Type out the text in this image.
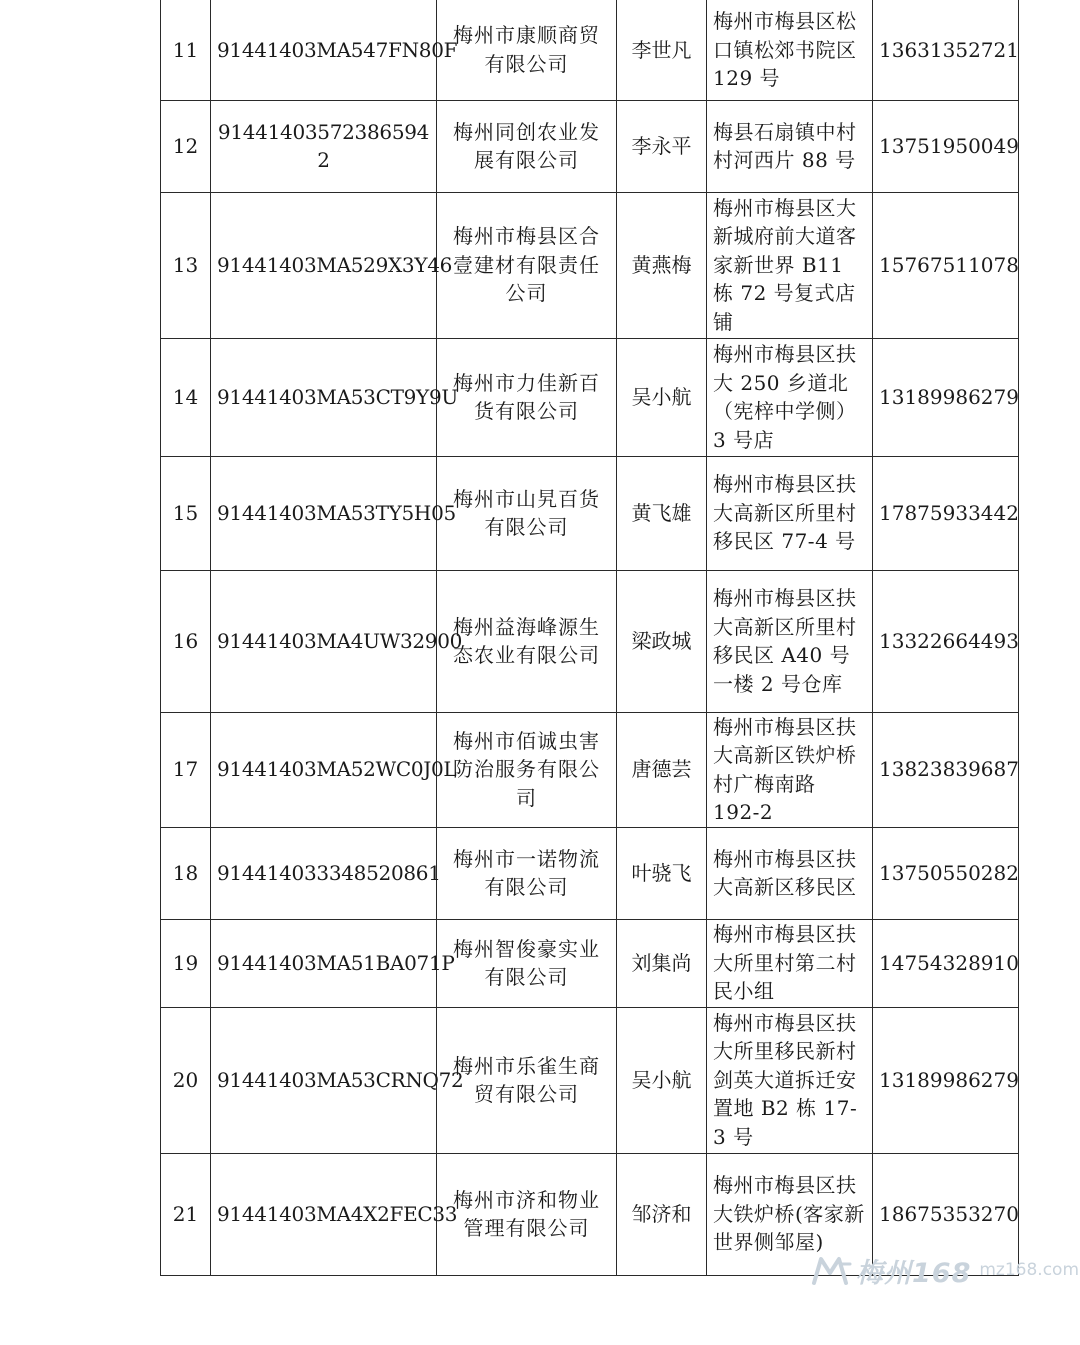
11	91441403MA547FN80F	梅州市康顺商贸有限公司	李世凡	梅州市梅县区松口镇松郊书院区 129 号	13631352721
12	91441403572386594​2	梅州同创农业发展有限公司	李永平	梅县石扇镇中村村河西片 88 号	13751950049
13	91441403MA529X3Y46	梅州市梅县区合壹建材有限责任公司	黄燕梅	梅州市梅县区大新城府前大道客家新世界 B11 栋 72 号复式店铺	15767511078
14	91441403MA53CT9Y9U	梅州市力佳新百货有限公司	吴小航	梅州市梅县区扶大 250 乡道北（宪梓中学侧）3 号店	13189986279
15	91441403MA53TY5H05	梅州市山旯百货有限公司	黄飞雄	梅州市梅县区扶大高新区所里村移民区 77-4 号	17875933442
16	91441403MA4UW32900	梅州益海峰源生态农业有限公司	梁政城	梅州市梅县区扶大高新区所里村移民区 A40 号一楼 2 号仓库	13322664493
17	91441403MA52WC0J0L	梅州市佰诚虫害防治服务有限公司	唐德芸	梅州市梅县区扶大高新区铁炉桥村广梅南路 192-2	13823839687
18	914414033348520861	梅州市一诺物流有限公司	叶骁飞	梅州市梅县区扶大高新区移民区	13750550282
19	91441403MA51BA071P	梅州智俊豪实业有限公司	刘集尚	梅州市梅县区扶大所里村第二村民小组	14754328910
20	91441403MA53CRNQ72	梅州市乐雀生商贸有限公司	吴小航	梅州市梅县区扶大所里移民新村剑英大道拆迁安置地 B2 栋 17-3 号	13189986279
21	91441403MA4X2FEC33	梅州市济和物业管理有限公司	邹济和	梅州市梅县区扶大铁炉桥(客家新世界侧邹屋)	18675353270
梅州168 mz168.com
